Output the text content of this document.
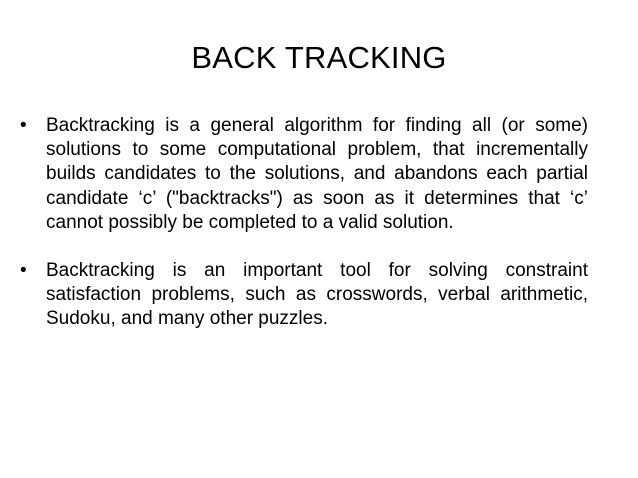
BACK TRACKING
• Backtracking is a general algorithm for finding all (or some) solutions to some computational problem, that incrementally builds candidates to the solutions, and abandons each partial candidate ‘c’ ("backtracks") as soon as it determines that ‘c’ cannot possibly be completed to a valid solution.
• Backtracking is an important tool for solving constraint satisfaction problems, such as crosswords, verbal arithmetic, Sudoku, and many other puzzles.
